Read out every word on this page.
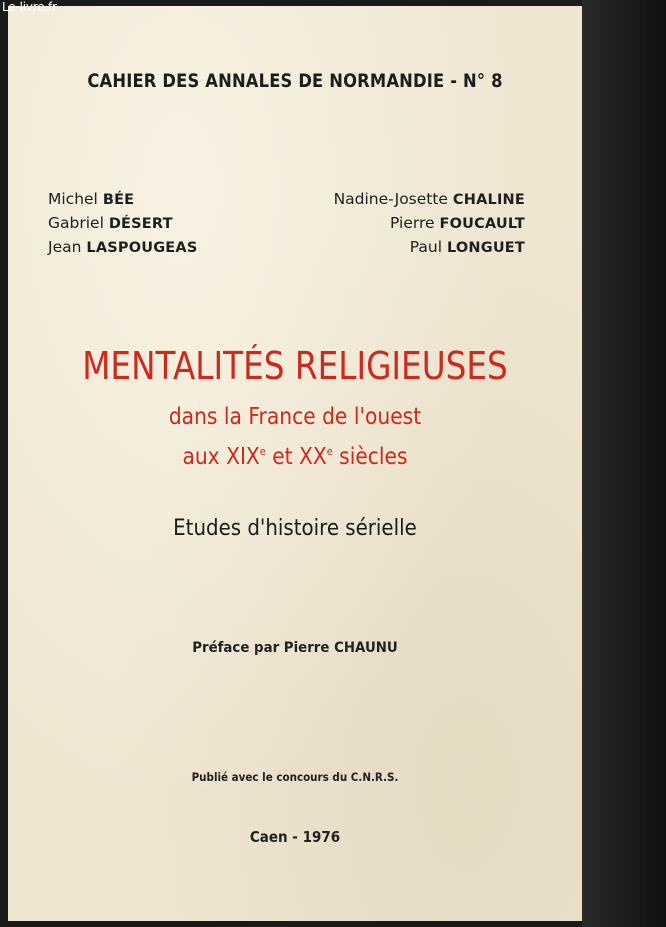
Le-livre.fr
CAHIER DES ANNALES DE NORMANDIE - N° 8
Michel BÉE
Gabriel DÉSERT
Jean LASPOUGEAS
Nadine-Josette CHALINE
Pierre FOUCAULT
Paul LONGUET
MENTALITÉS RELIGIEUSES
dans la France de l'ouest
aux XIXe et XXe siècles
Etudes d'histoire sérielle
Préface par Pierre CHAUNU
Publié avec le concours du C.N.R.S.
Caen - 1976
